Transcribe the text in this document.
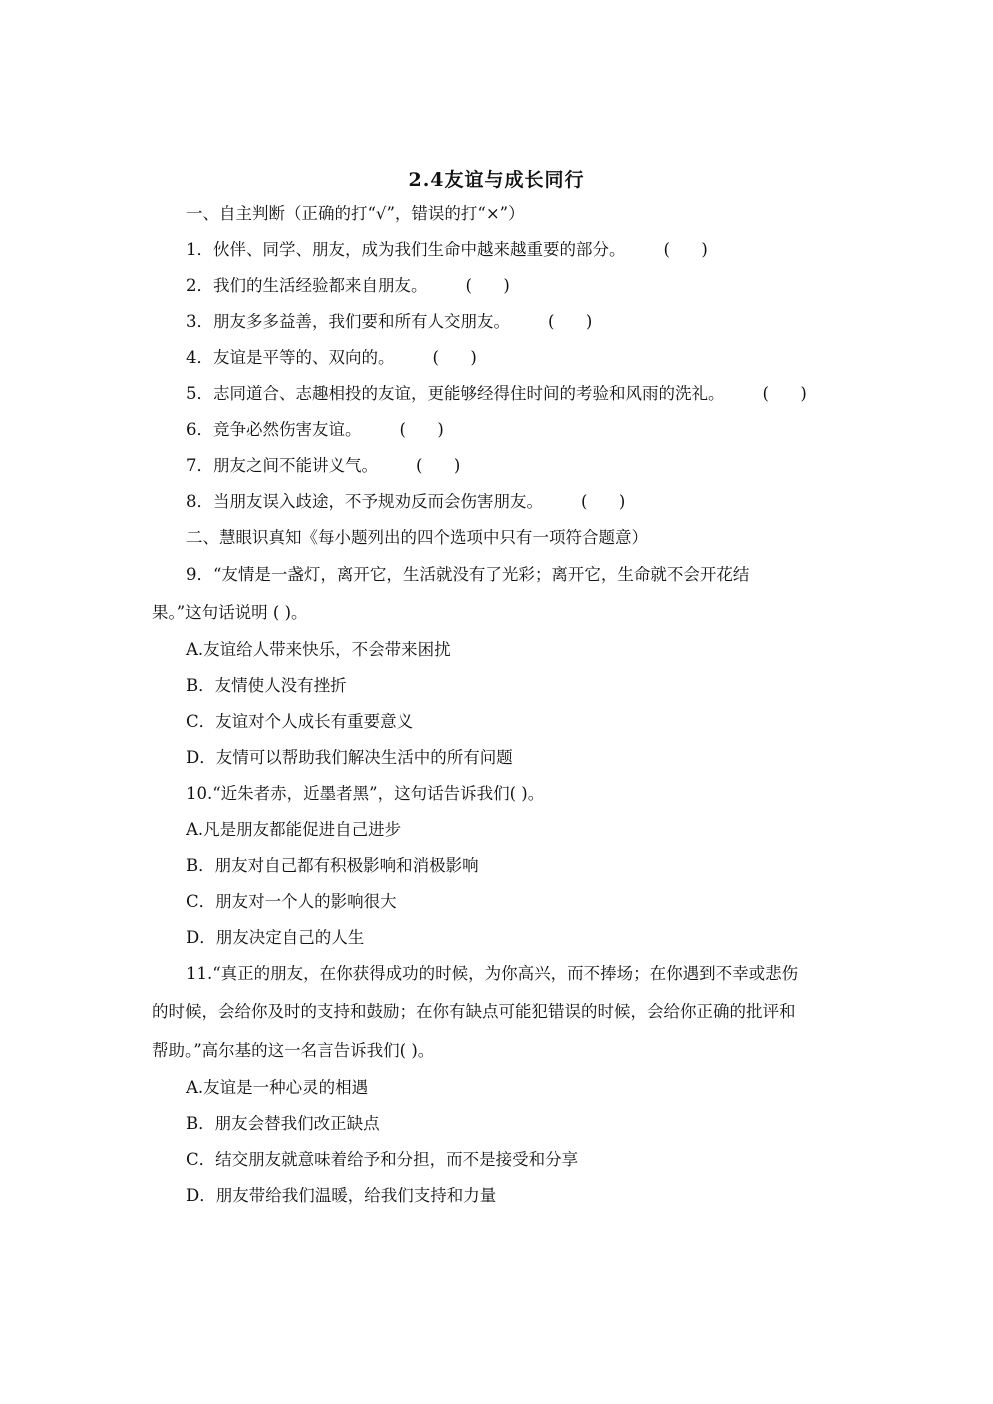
2.4友谊与成长同行
一、自主判断（正确的打“√”，错误的打“×”）
1．伙伴、同学、朋友，成为我们生命中越来越重要的部分。 (      )
2．我们的生活经验都来自朋友。 (      )
3．朋友多多益善，我们要和所有人交朋友。 (      )
4．友谊是平等的、双向的。 (      )
5．志同道合、志趣相投的友谊，更能够经得住时间的考验和风雨的洗礼。 (      )
6．竞争必然伤害友谊。 (      )
7．朋友之间不能讲义气。 (      )
8．当朋友误入歧途，不予规劝反而会伤害朋友。 (      )
二、慧眼识真知《每小题列出的四个选项中只有一项符合题意）
9．“友情是一盏灯，离开它，生活就没有了光彩；离开它，生命就不会开花结
果。”这句话说明 ( )。
A.友谊给人带来快乐，不会带来困扰
B．友情使人没有挫折
C．友谊对个人成长有重要意义
D．友情可以帮助我们解决生活中的所有问题
10.“近朱者赤，近墨者黑”，这句话告诉我们( )。
A.凡是朋友都能促进自己进步
B．朋友对自己都有积极影响和消极影响
C．朋友对一个人的影响很大
D．朋友决定自己的人生
11.“真正的朋友，在你获得成功的时候，为你高兴，而不捧场；在你遇到不幸或悲伤
的时候，会给你及时的支持和鼓励；在你有缺点可能犯错误的时候，会给你正确的批评和
帮助。”高尔基的这一名言告诉我们( )。
A.友谊是一种心灵的相遇
B．朋友会替我们改正缺点
C．结交朋友就意味着给予和分担，而不是接受和分享
D．朋友带给我们温暖，给我们支持和力量
